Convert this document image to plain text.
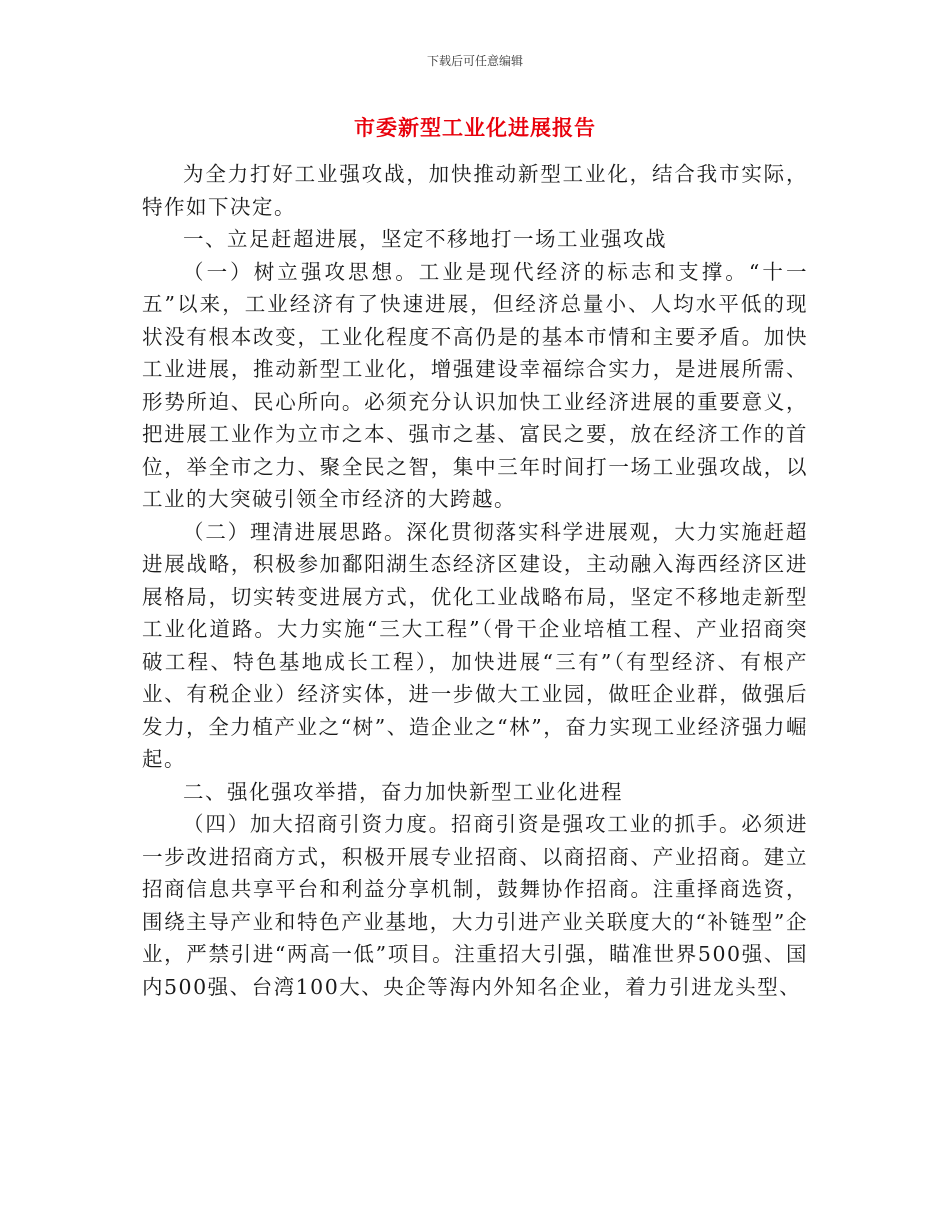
下载后可任意编辑
市委新型工业化进展报告

为全力打好工业强攻战，加快推动新型工业化，结合我市实际，特作如下决定。

一、立足赶超进展，坚定不移地打一场工业强攻战

（一）树立强攻思想。工业是现代经济的标志和支撑。“十一五”以来，工业经济有了快速进展，但经济总量小、人均水平低的现状没有根本改变，工业化程度不高仍是的基本市情和主要矛盾。加快工业进展，推动新型工业化，增强建设幸福综合实力，是进展所需、形势所迫、民心所向。必须充分认识加快工业经济进展的重要意义，把进展工业作为立市之本、强市之基、富民之要，放在经济工作的首位，举全市之力、聚全民之智，集中三年时间打一场工业强攻战，以工业的大突破引领全市经济的大跨越。

（二）理清进展思路。深化贯彻落实科学进展观，大力实施赶超进展战略，积极参加鄱阳湖生态经济区建设，主动融入海西经济区进展格局，切实转变进展方式，优化工业战略布局，坚定不移地走新型工业化道路。大力实施“三大工程”（骨干企业培植工程、产业招商突破工程、特色基地成长工程），加快进展“三有”（有型经济、有根产业、有税企业）经济实体，进一步做大工业园，做旺企业群，做强后发力，全力植产业之“树”、造企业之“林”，奋力实现工业经济强力崛起。

二、强化强攻举措，奋力加快新型工业化进程

（四）加大招商引资力度。招商引资是强攻工业的抓手。必须进一步改进招商方式，积极开展专业招商、以商招商、产业招商。建立招商信息共享平台和利益分享机制，鼓舞协作招商。注重择商选资，围绕主导产业和特色产业基地，大力引进产业关联度大的“补链型”企业，严禁引进“两高一低”项目。注重招大引强，瞄准世界500强、国内500强、台湾100大、央企等海内外知名企业，着力引进龙头型、
